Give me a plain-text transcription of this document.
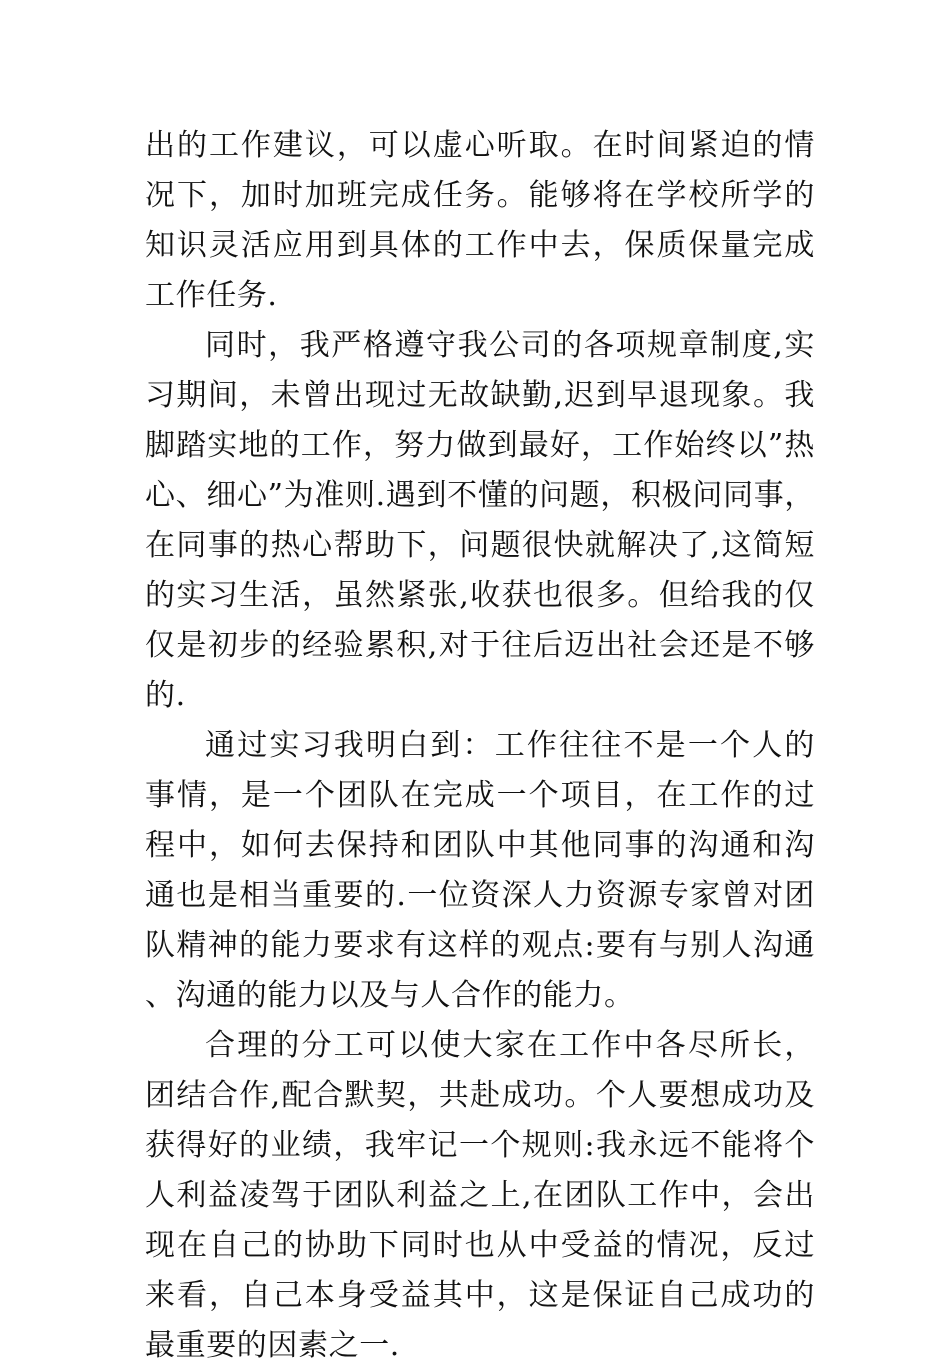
出的工作建议，可以虚心听取。在时间紧迫的情况下，加时加班完成任务。能够将在学校所学的知识灵活应用到具体的工作中去，保质保量完成工作任务.

同时，我严格遵守我公司的各项规章制度,实习期间，未曾出现过无故缺勤,迟到早退现象。我脚踏实地的工作，努力做到最好，工作始终以”热心、细心”为准则.遇到不懂的问题，积极问同事，在同事的热心帮助下，问题很快就解决了,这简短的实习生活，虽然紧张,收获也很多。但给我的仅仅是初步的经验累积,对于往后迈出社会还是不够的.

通过实习我明白到：工作往往不是一个人的事情，是一个团队在完成一个项目，在工作的过程中，如何去保持和团队中其他同事的沟通和沟通也是相当重要的.一位资深人力资源专家曾对团队精神的能力要求有这样的观点:要有与别人沟通、沟通的能力以及与人合作的能力。

合理的分工可以使大家在工作中各尽所长，团结合作,配合默契，共赴成功。个人要想成功及获得好的业绩，我牢记一个规则:我永远不能将个人利益凌驾于团队利益之上,在团队工作中，会出现在自己的协助下同时也从中受益的情况，反过来看，自己本身受益其中，这是保证自己成功的最重要的因素之一.
